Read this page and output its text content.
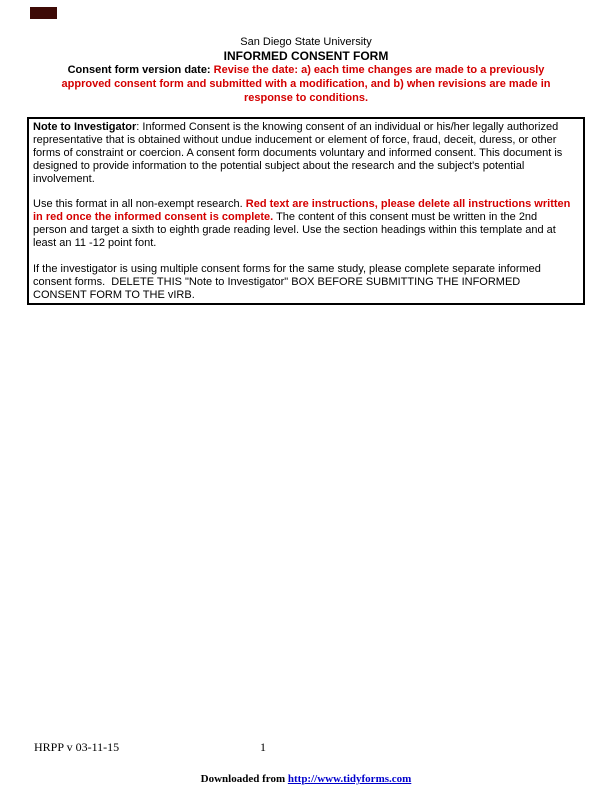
San Diego State University
INFORMED CONSENT FORM
Consent form version date: Revise the date: a) each time changes are made to a previously
approved consent form and submitted with a modification, and b) when revisions are made in
response to conditions.
Note to Investigator: Informed Consent is the knowing consent of an individual or his/her legally authorized
representative that is obtained without undue inducement or element of force, fraud, deceit, duress, or other
forms of constraint or coercion. A consent form documents voluntary and informed consent. This document is
designed to provide information to the potential subject about the research and the subject's potential
involvement.

Use this format in all non-exempt research. Red text are instructions, please delete all instructions written
in red once the informed consent is complete. The content of this consent must be written in the 2nd
person and target a sixth to eighth grade reading level. Use the section headings within this template and at
least an 11 -12 point font.

If the investigator is using multiple consent forms for the same study, please complete separate informed
consent forms.  DELETE THIS "Note to Investigator" BOX BEFORE SUBMITTING THE INFORMED
CONSENT FORM TO THE vIRB.
HRPP v 03-11-15	1
Downloaded from http://www.tidyforms.com
